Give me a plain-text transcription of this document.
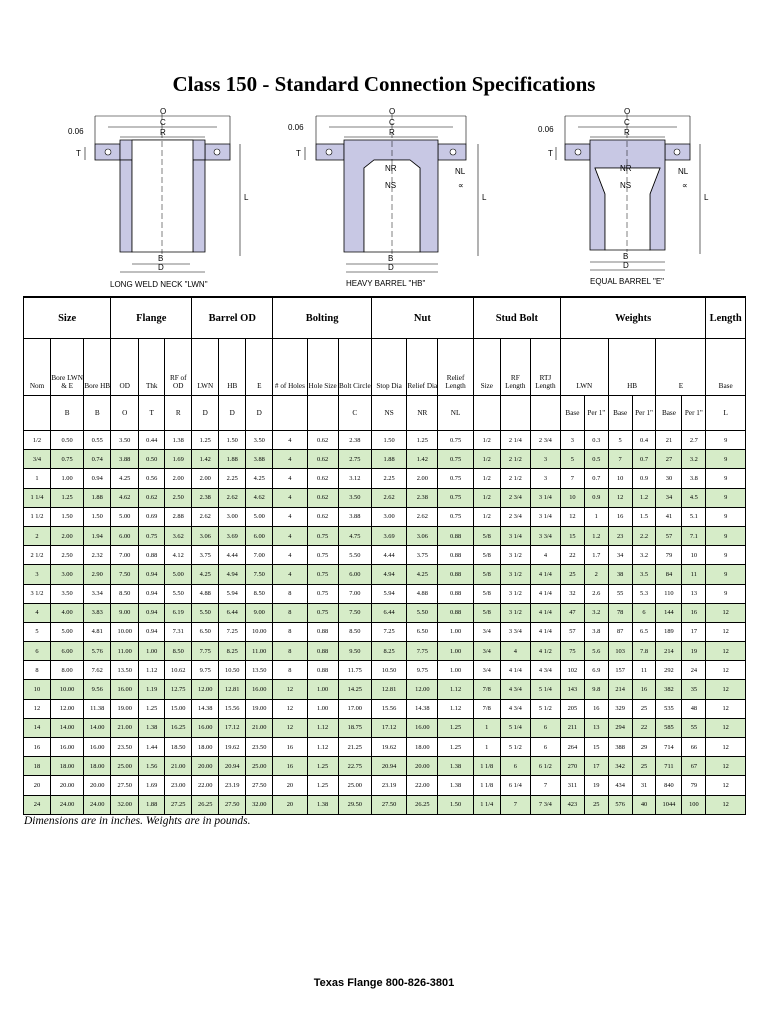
Class 150 - Standard Connection Specifications
O
C
R
T
0.06
L
B
D
LONG WELD NECK "LWN"
O
C
R
NR
NS
NL
∝
T
0.06
L
B
D
HEAVY BARREL "HB"
O
C
R
NR
NS
NL
∝
T
0.06
L
B
D
EQUAL BARREL "E"
Size			Flange			Barrel OD			Bolting			Nut			Stud Bolt			Weights						Length
Nom	Bore LWN & E	Bore HB	OD	Thk	RF of OD	LWN	HB	E	# of Holes	Hole Size	Bolt Circle	Stop Dia	Relief Dia	Relief Length	Size	RF Length	RTJ Length	LWN		HB		E		Base
	B	B	O	T	R	D	D	D			C	NS	NR	NL				Base	Per 1"	Base	Per 1"	Base	Per 1"	L
1/2	0.50	0.55	3.50	0.44	1.38	1.25	1.50	3.50	4	0.62	2.38	1.50	1.25	0.75	1/2	2 1/4	2 3/4	3	0.3	5	0.4	21	2.7	9
3/4	0.75	0.74	3.88	0.50	1.69	1.42	1.88	3.88	4	0.62	2.75	1.88	1.42	0.75	1/2	2 1/2	3	5	0.5	7	0.7	27	3.2	9
1	1.00	0.94	4.25	0.56	2.00	2.00	2.25	4.25	4	0.62	3.12	2.25	2.00	0.75	1/2	2 1/2	3	7	0.7	10	0.9	30	3.8	9
1 1/4	1.25	1.88	4.62	0.62	2.50	2.38	2.62	4.62	4	0.62	3.50	2.62	2.38	0.75	1/2	2 3/4	3 1/4	10	0.9	12	1.2	34	4.5	9
1 1/2	1.50	1.50	5.00	0.69	2.88	2.62	3.00	5.00	4	0.62	3.88	3.00	2.62	0.75	1/2	2 3/4	3 1/4	12	1	16	1.5	41	5.1	9
2	2.00	1.94	6.00	0.75	3.62	3.06	3.69	6.00	4	0.75	4.75	3.69	3.06	0.88	5/8	3 1/4	3 3/4	15	1.2	23	2.2	57	7.1	9
2 1/2	2.50	2.32	7.00	0.88	4.12	3.75	4.44	7.00	4	0.75	5.50	4.44	3.75	0.88	5/8	3 1/2	4	22	1.7	34	3.2	79	10	9
3	3.00	2.90	7.50	0.94	5.00	4.25	4.94	7.50	4	0.75	6.00	4.94	4.25	0.88	5/8	3 1/2	4 1/4	25	2	38	3.5	84	11	9
3 1/2	3.50	3.34	8.50	0.94	5.50	4.88	5.94	8.50	8	0.75	7.00	5.94	4.88	0.88	5/8	3 1/2	4 1/4	32	2.6	55	5.3	110	13	9
4	4.00	3.83	9.00	0.94	6.19	5.50	6.44	9.00	8	0.75	7.50	6.44	5.50	0.88	5/8	3 1/2	4 1/4	47	3.2	78	6	144	16	12
5	5.00	4.81	10.00	0.94	7.31	6.50	7.25	10.00	8	0.88	8.50	7.25	6.50	1.00	3/4	3 3/4	4 1/4	57	3.8	87	6.5	189	17	12
6	6.00	5.76	11.00	1.00	8.50	7.75	8.25	11.00	8	0.88	9.50	8.25	7.75	1.00	3/4	4	4 1/2	75	5.6	103	7.8	214	19	12
8	8.00	7.62	13.50	1.12	10.62	9.75	10.50	13.50	8	0.88	11.75	10.50	9.75	1.00	3/4	4 1/4	4 3/4	102	6.9	157	11	292	24	12
10	10.00	9.56	16.00	1.19	12.75	12.00	12.81	16.00	12	1.00	14.25	12.81	12.00	1.12	7/8	4 3/4	5 1/4	143	9.8	214	16	382	35	12
12	12.00	11.38	19.00	1.25	15.00	14.38	15.56	19.00	12	1.00	17.00	15.56	14.38	1.12	7/8	4 3/4	5 1/2	205	16	329	25	535	48	12
14	14.00	14.00	21.00	1.38	16.25	16.00	17.12	21.00	12	1.12	18.75	17.12	16.00	1.25	1	5 1/4	6	211	13	294	22	585	55	12
16	16.00	16.00	23.50	1.44	18.50	18.00	19.62	23.50	16	1.12	21.25	19.62	18.00	1.25	1	5 1/2	6	264	15	388	29	714	66	12
18	18.00	18.00	25.00	1.56	21.00	20.00	20.94	25.00	16	1.25	22.75	20.94	20.00	1.38	1 1/8	6	6 1/2	270	17	342	25	711	67	12
20	20.00	20.00	27.50	1.69	23.00	22.00	23.19	27.50	20	1.25	25.00	23.19	22.00	1.38	1 1/8	6 1/4	7	311	19	434	31	840	79	12
24	24.00	24.00	32.00	1.88	27.25	26.25	27.50	32.00	20	1.38	29.50	27.50	26.25	1.50	1 1/4	7	7 3/4	423	25	576	40	1044	100	12
Dimensions are in inches. Weights are in pounds.
Texas Flange 800-826-3801
